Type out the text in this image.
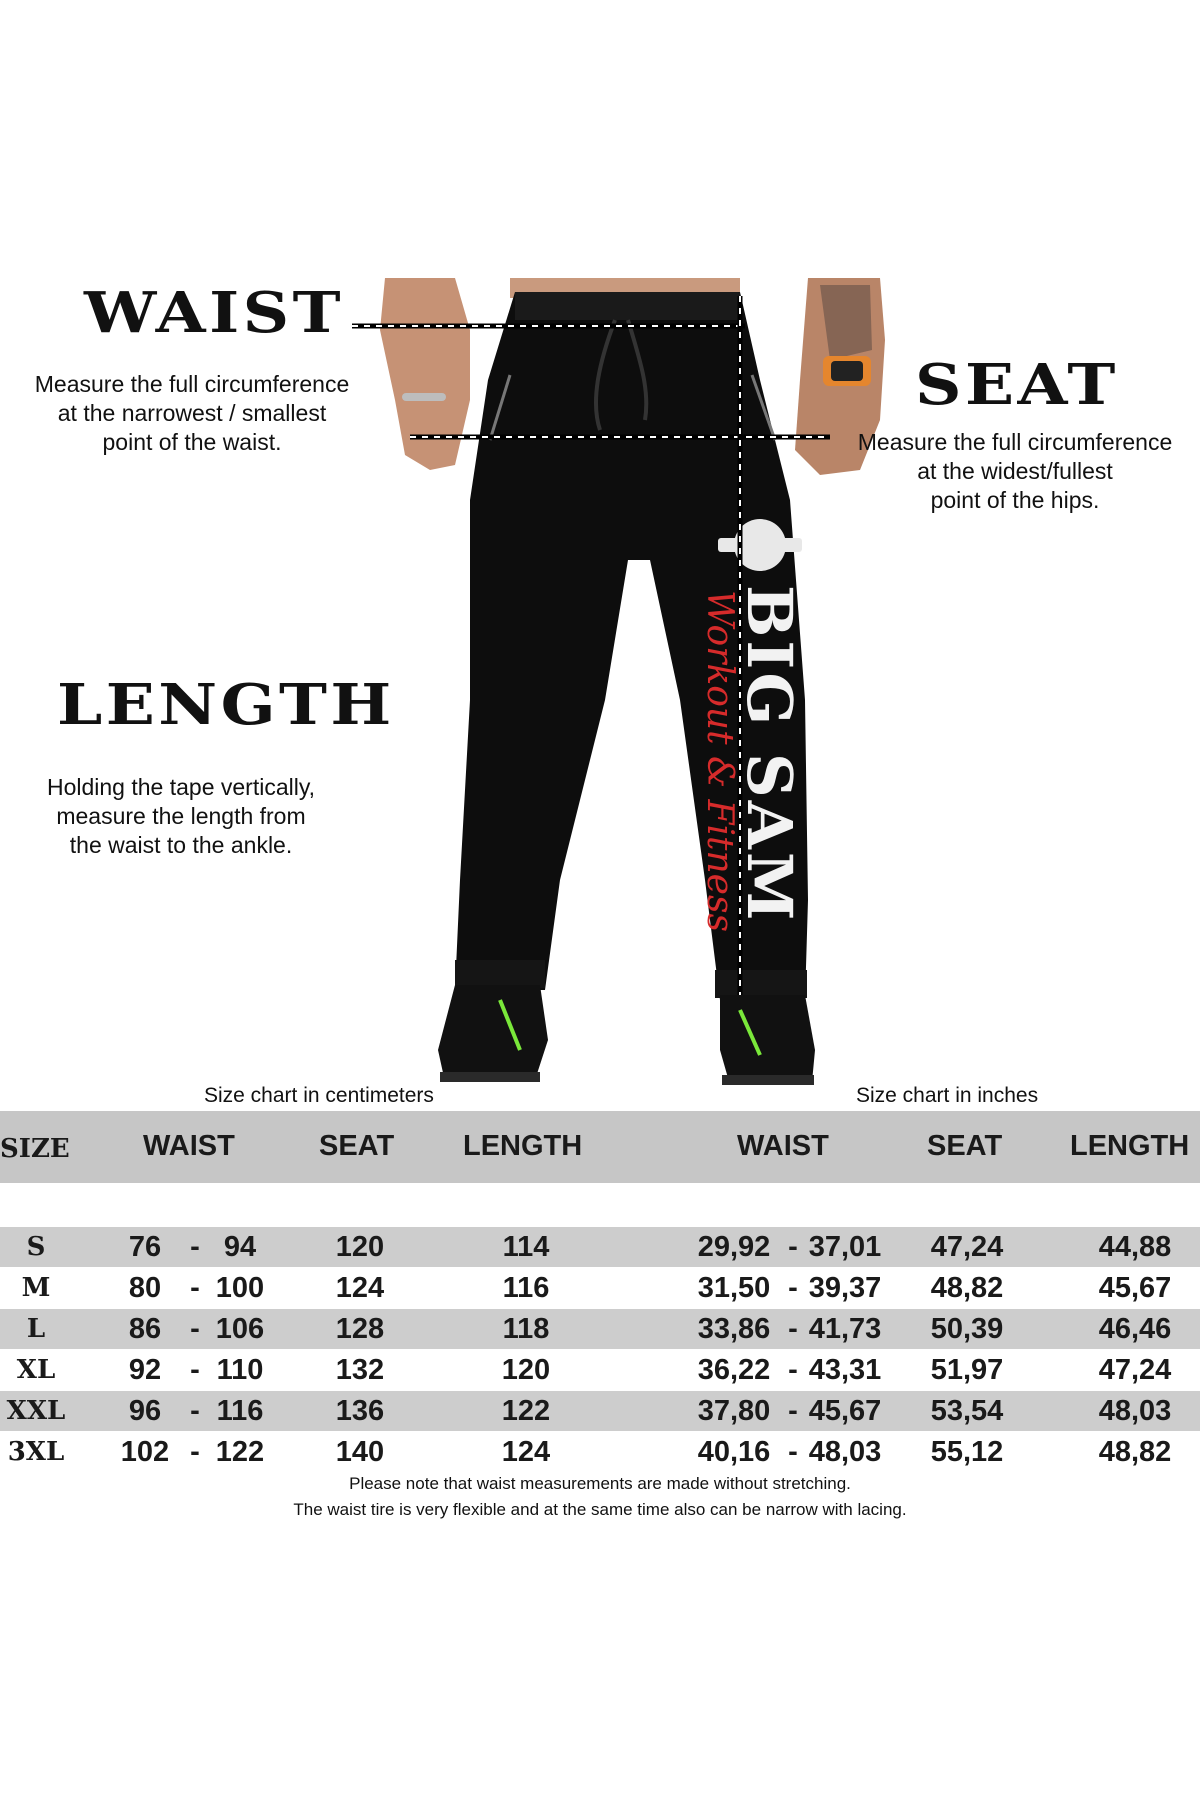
BIG SAM
Workout & Fitness
WAIST
Measure the full circumference
at the narrowest / smallest
point of the waist.
SEAT
Measure the full circumference
at the widest/fullest
point of the hips.
LENGTH
Holding the tape vertically,
measure the length from
the waist to the ankle.
Size chart in centimeters	Size chart in inches
SIZE	WAIST	SEAT LENGTH	WAIST	SEAT LENGTH
S	76	- 94	120	114	29,92 - 37,01	47,24	44,88
M	80	- 100	124	116	31,50 - 39,37	48,82	45,67
L	86	- 106	128	118	33,86 - 41,73	50,39	46,46
XL	92	- 110	132	120	36,22 - 43,31	51,97	47,24
XXL	96	- 116	136	122	37,80 - 45,67	53,54	48,03
3XL	102 - 122	140	124	40,16 - 48,03	55,12	48,82
Please note that waist measurements are made without stretching.
The waist tire is very flexible and at the same time also can be narrow with lacing.
